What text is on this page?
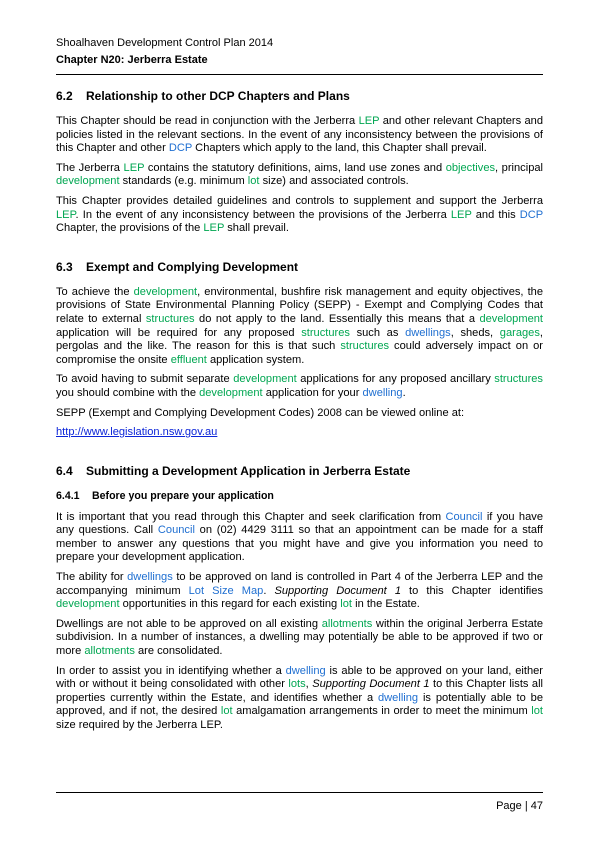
Shoalhaven Development Control Plan 2014
Chapter N20: Jerberra Estate
6.2 Relationship to other DCP Chapters and Plans

This Chapter should be read in conjunction with the Jerberra LEP and other relevant Chapters and policies listed in the relevant sections. In the event of any inconsistency between the provisions of this Chapter and other DCP Chapters which apply to the land, this Chapter shall prevail.

The Jerberra LEP contains the statutory definitions, aims, land use zones and objectives, principal development standards (e.g. minimum lot size) and associated controls.

This Chapter provides detailed guidelines and controls to supplement and support the Jerberra LEP. In the event of any inconsistency between the provisions of the Jerberra LEP and this DCP Chapter, the provisions of the LEP shall prevail.

6.3 Exempt and Complying Development

To achieve the development, environmental, bushfire risk management and equity objectives, the provisions of State Environmental Planning Policy (SEPP) - Exempt and Complying Codes that relate to external structures do not apply to the land. Essentially this means that a development application will be required for any proposed structures such as dwellings, sheds, garages, pergolas and the like. The reason for this is that such structures could adversely impact on or compromise the onsite effluent application system.

To avoid having to submit separate development applications for any proposed ancillary structures you should combine with the development application for your dwelling.

SEPP (Exempt and Complying Development Codes) 2008 can be viewed online at:

http://www.legislation.nsw.gov.au

6.4 Submitting a Development Application in Jerberra Estate
6.4.1 Before you prepare your application

It is important that you read through this Chapter and seek clarification from Council if you have any questions. Call Council on (02) 4429 3111 so that an appointment can be made for a staff member to answer any questions that you might have and give you information you need to prepare your development application.

The ability for dwellings to be approved on land is controlled in Part 4 of the Jerberra LEP and the accompanying minimum Lot Size Map. Supporting Document 1 to this Chapter identifies development opportunities in this regard for each existing lot in the Estate.

Dwellings are not able to be approved on all existing allotments within the original Jerberra Estate subdivision. In a number of instances, a dwelling may potentially be able to be approved if two or more allotments are consolidated.

In order to assist you in identifying whether a dwelling is able to be approved on your land, either with or without it being consolidated with other lots, Supporting Document 1 to this Chapter lists all properties currently within the Estate, and identifies whether a dwelling is potentially able to be approved, and if not, the desired lot amalgamation arrangements in order to meet the minimum lot size required by the Jerberra LEP.

Page | 47
